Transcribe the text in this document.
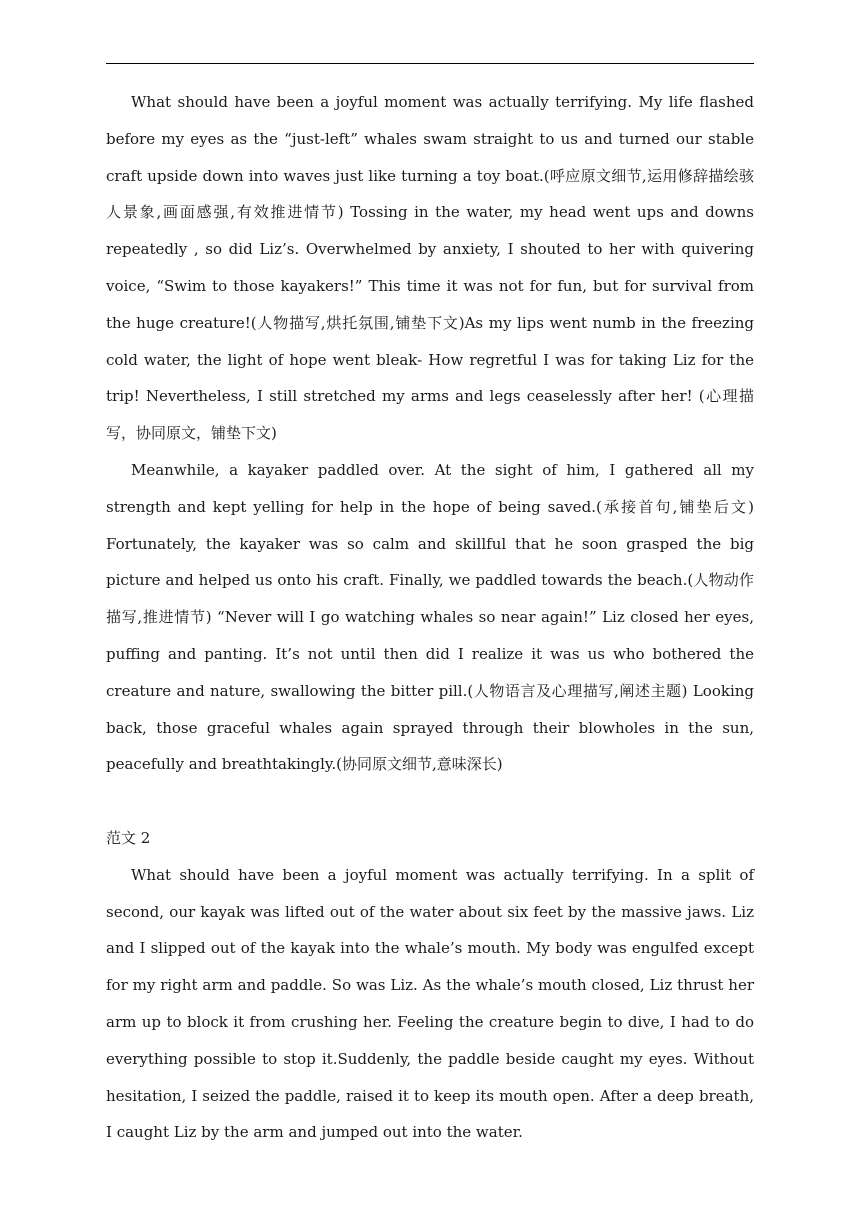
What should have been a joyful moment was actually terrifying. My life flashed before my eyes as the “just-left” whales swam straight to us and turned our stable craft upside down into waves just like turning a toy boat.(呼应原文细节,运用修辞描绘骇人景象,画面感强,有效推进情节) Tossing in the water, my head went ups and downs repeatedly , so did Liz’s. Overwhelmed by anxiety, I shouted to her with quivering voice, “Swim to those kayakers!” This time it was not for fun, but for survival from the huge creature!(人物描写,烘托氛围,铺垫下文)As my lips went numb in the freezing cold water, the light of hope went bleak- How regretful I was for taking Liz for the trip! Nevertheless, I still stretched my arms and legs ceaselessly after her! (心理描写，协同原文，铺垫下文)

Meanwhile, a kayaker paddled over. At the sight of him, I gathered all my strength and kept yelling for help in the hope of being saved.(承接首句,铺垫后文) Fortunately, the kayaker was so calm and skillful that he soon grasped the big picture and helped us onto his craft. Finally, we paddled towards the beach.(人物动作描写,推进情节) “Never will I go watching whales so near again!” Liz closed her eyes, puffing and panting. It’s not until then did I realize it was us who bothered the creature and nature, swallowing the bitter pill.(人物语言及心理描写,阐述主题) Looking back, those graceful whales again sprayed through their blowholes in the sun, peacefully and breathtakingly.(协同原文细节,意味深长)

范文 2

What should have been a joyful moment was actually terrifying. In a split of second, our kayak was lifted out of the water about six feet by the massive jaws. Liz and I slipped out of the kayak into the whale’s mouth. My body was engulfed except for my right arm and paddle. So was Liz. As the whale’s mouth closed, Liz thrust her arm up to block it from crushing her. Feeling the creature begin to dive, I had to do everything possible to stop it.Suddenly, the paddle beside caught my eyes. Without hesitation, I seized the paddle, raised it to keep its mouth open. After a deep breath, I caught Liz by the arm and jumped out into the water.
